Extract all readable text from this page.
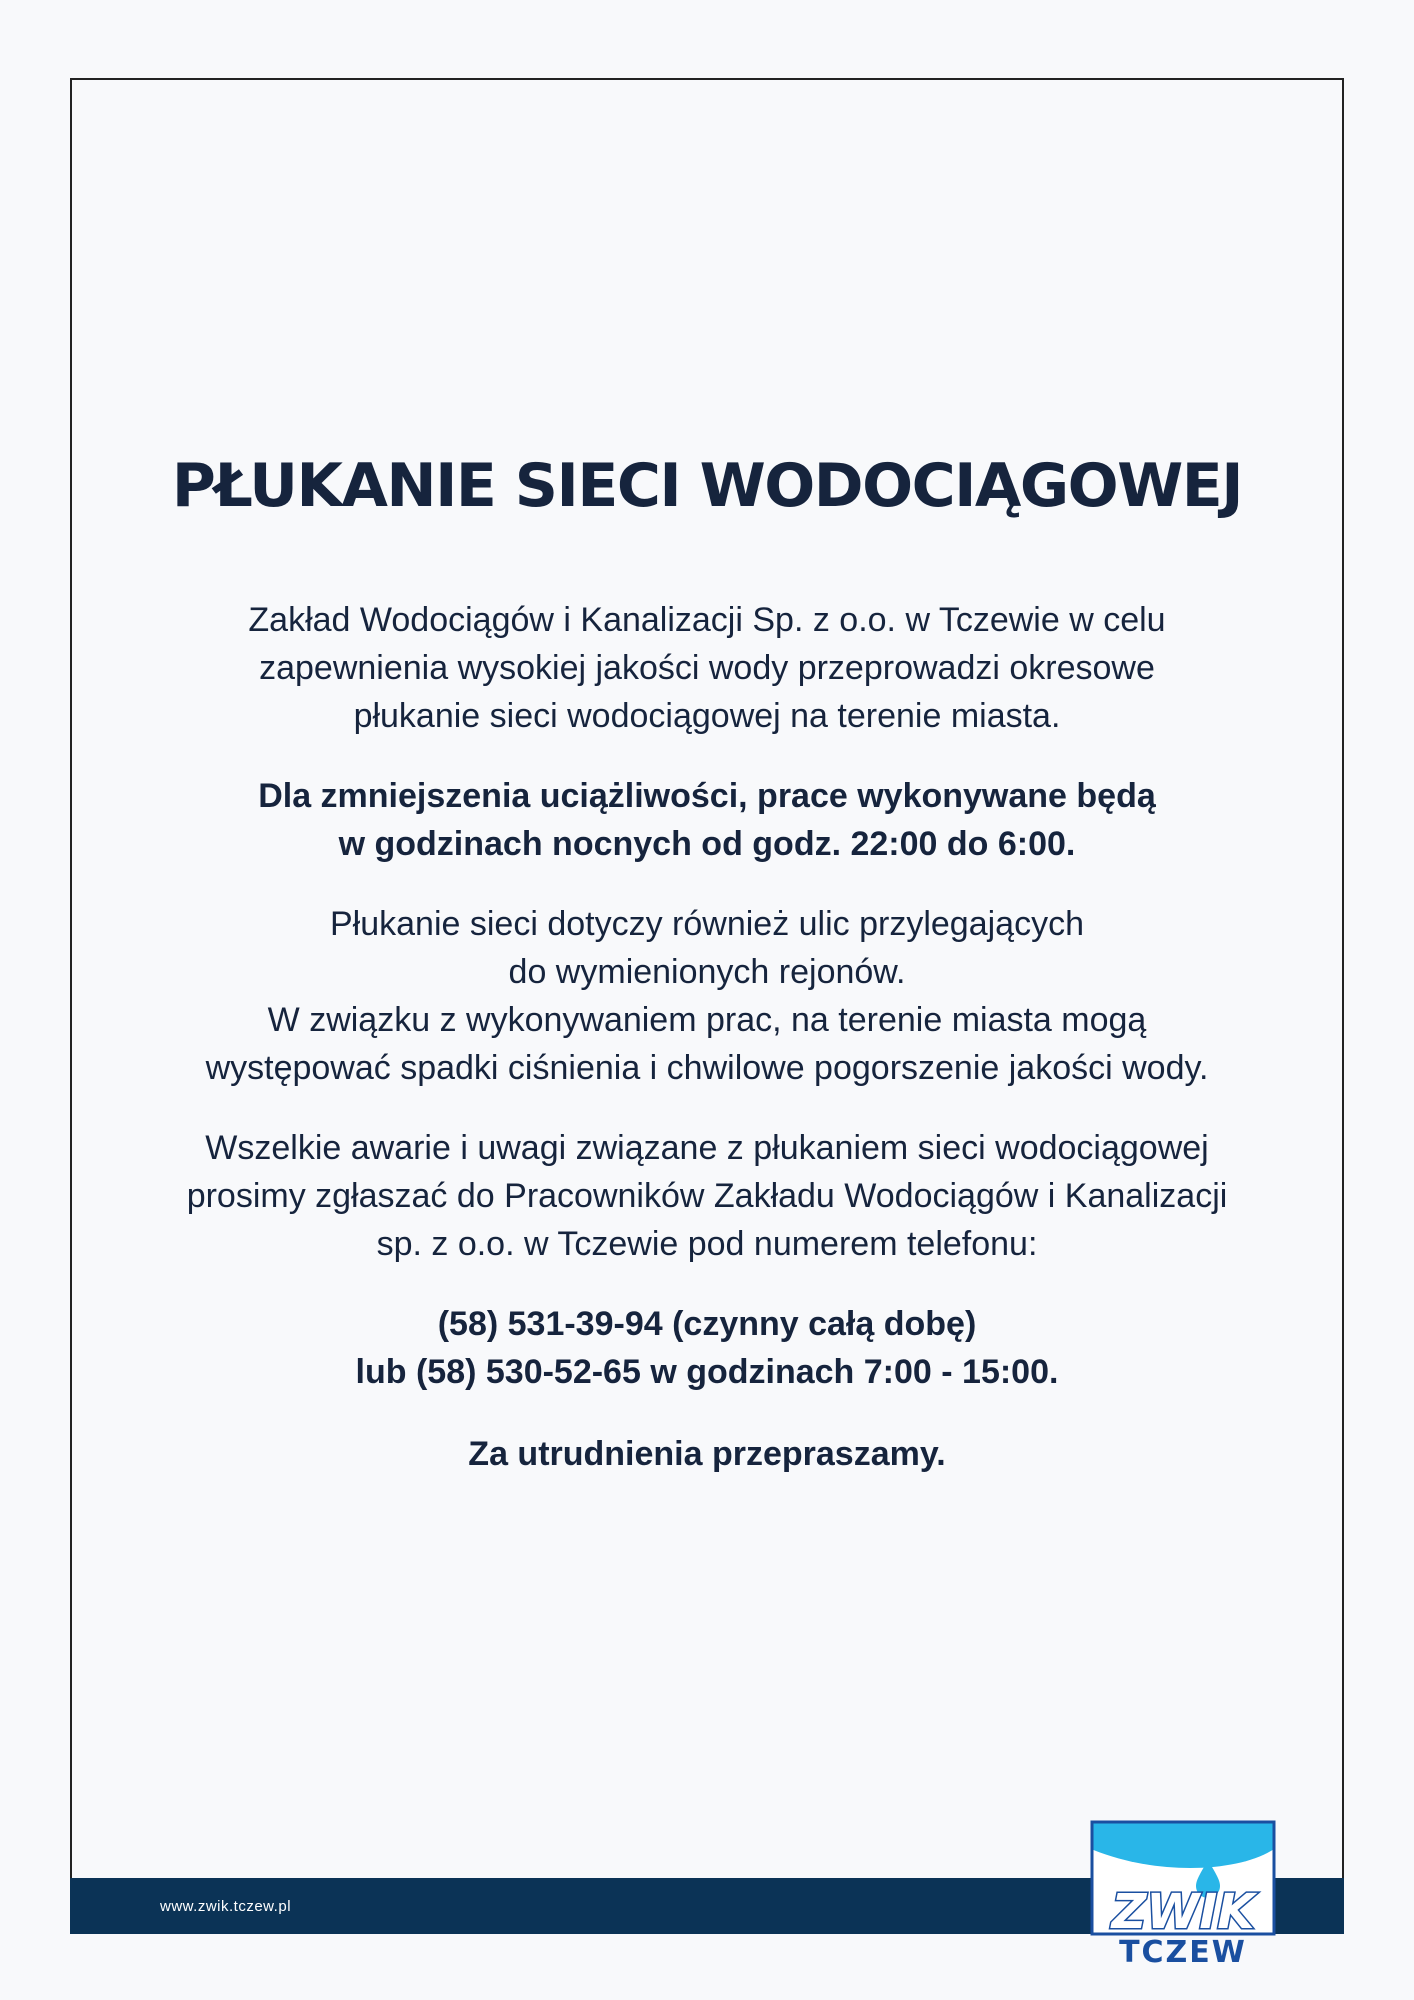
PŁUKANIE SIECI WODOCIĄGOWEJ

Zakład Wodociągów i Kanalizacji Sp. z o.o. w Tczewie w celu
zapewnienia wysokiej jakości wody przeprowadzi okresowe
płukanie sieci wodociągowej na terenie miasta.

Dla zmniejszenia uciążliwości, prace wykonywane będą
w godzinach nocnych od godz. 22:00 do 6:00.

Płukanie sieci dotyczy również ulic przylegających
do wymienionych rejonów.
W związku z wykonywaniem prac, na terenie miasta mogą
występować spadki ciśnienia i chwilowe pogorszenie jakości wody.

Wszelkie awarie i uwagi związane z płukaniem sieci wodociągowej
prosimy zgłaszać do Pracowników Zakładu Wodociągów i Kanalizacji
sp. z o.o. w Tczewie pod numerem telefonu:

(58) 531-39-94 (czynny całą dobę)
lub (58) 530-52-65 w godzinach 7:00 - 15:00.

Za utrudnienia przepraszamy.

www.zwik.tczew.pl	ZWIK
TCZEW
